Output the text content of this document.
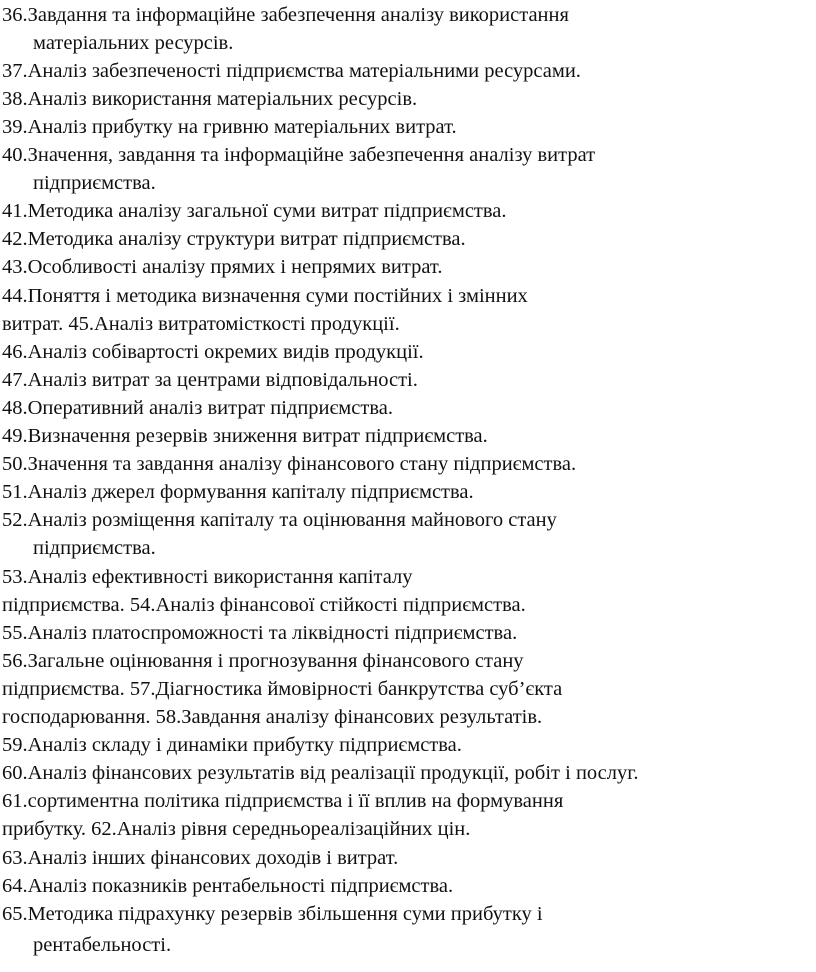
36.Завдання та інформаційне забезпечення аналізу використання
матеріальних ресурсів.
37.Аналіз забезпеченості підприємства матеріальними ресурсами.
38.Аналіз використання матеріальних ресурсів.
39.Аналіз прибутку на гривню матеріальних витрат.
40.Значення, завдання та інформаційне забезпечення аналізу витрат
підприємства.
41.Методика аналізу загальної суми витрат підприємства.
42.Методика аналізу структури витрат підприємства.
43.Особливості аналізу прямих і непрямих витрат.
44.Поняття і методика визначення суми постійних і змінних
витрат. 45.Аналіз витратомісткості продукції.
46.Аналіз собівартості окремих видів продукції.
47.Аналіз витрат за центрами відповідальності.
48.Оперативний аналіз витрат підприємства.
49.Визначення резервів зниження витрат підприємства.
50.Значення та завдання аналізу фінансового стану підприємства.
51.Аналіз джерел формування капіталу підприємства.
52.Аналіз розміщення капіталу та оцінювання майнового стану
підприємства.
53.Аналіз ефективності використання капіталу
підприємства. 54.Аналіз фінансової стійкості підприємства.
55.Аналіз платоспроможності та ліквідності підприємства.
56.Загальне оцінювання і прогнозування фінансового стану
підприємства. 57.Діагностика ймовірності банкрутства суб’єкта
господарювання. 58.Завдання аналізу фінансових результатів.
59.Аналіз складу і динаміки прибутку підприємства.
60.Аналіз фінансових результатів від реалізації продукції, робіт і послуг.
61.сортиментна політика підприємства і її вплив на формування
прибутку. 62.Аналіз рівня середньореалізаційних цін.
63.Аналіз інших фінансових доходів і витрат.
64.Аналіз показників рентабельності підприємства.
65.Методика підрахунку резервів збільшення суми прибутку і
рентабельності.
